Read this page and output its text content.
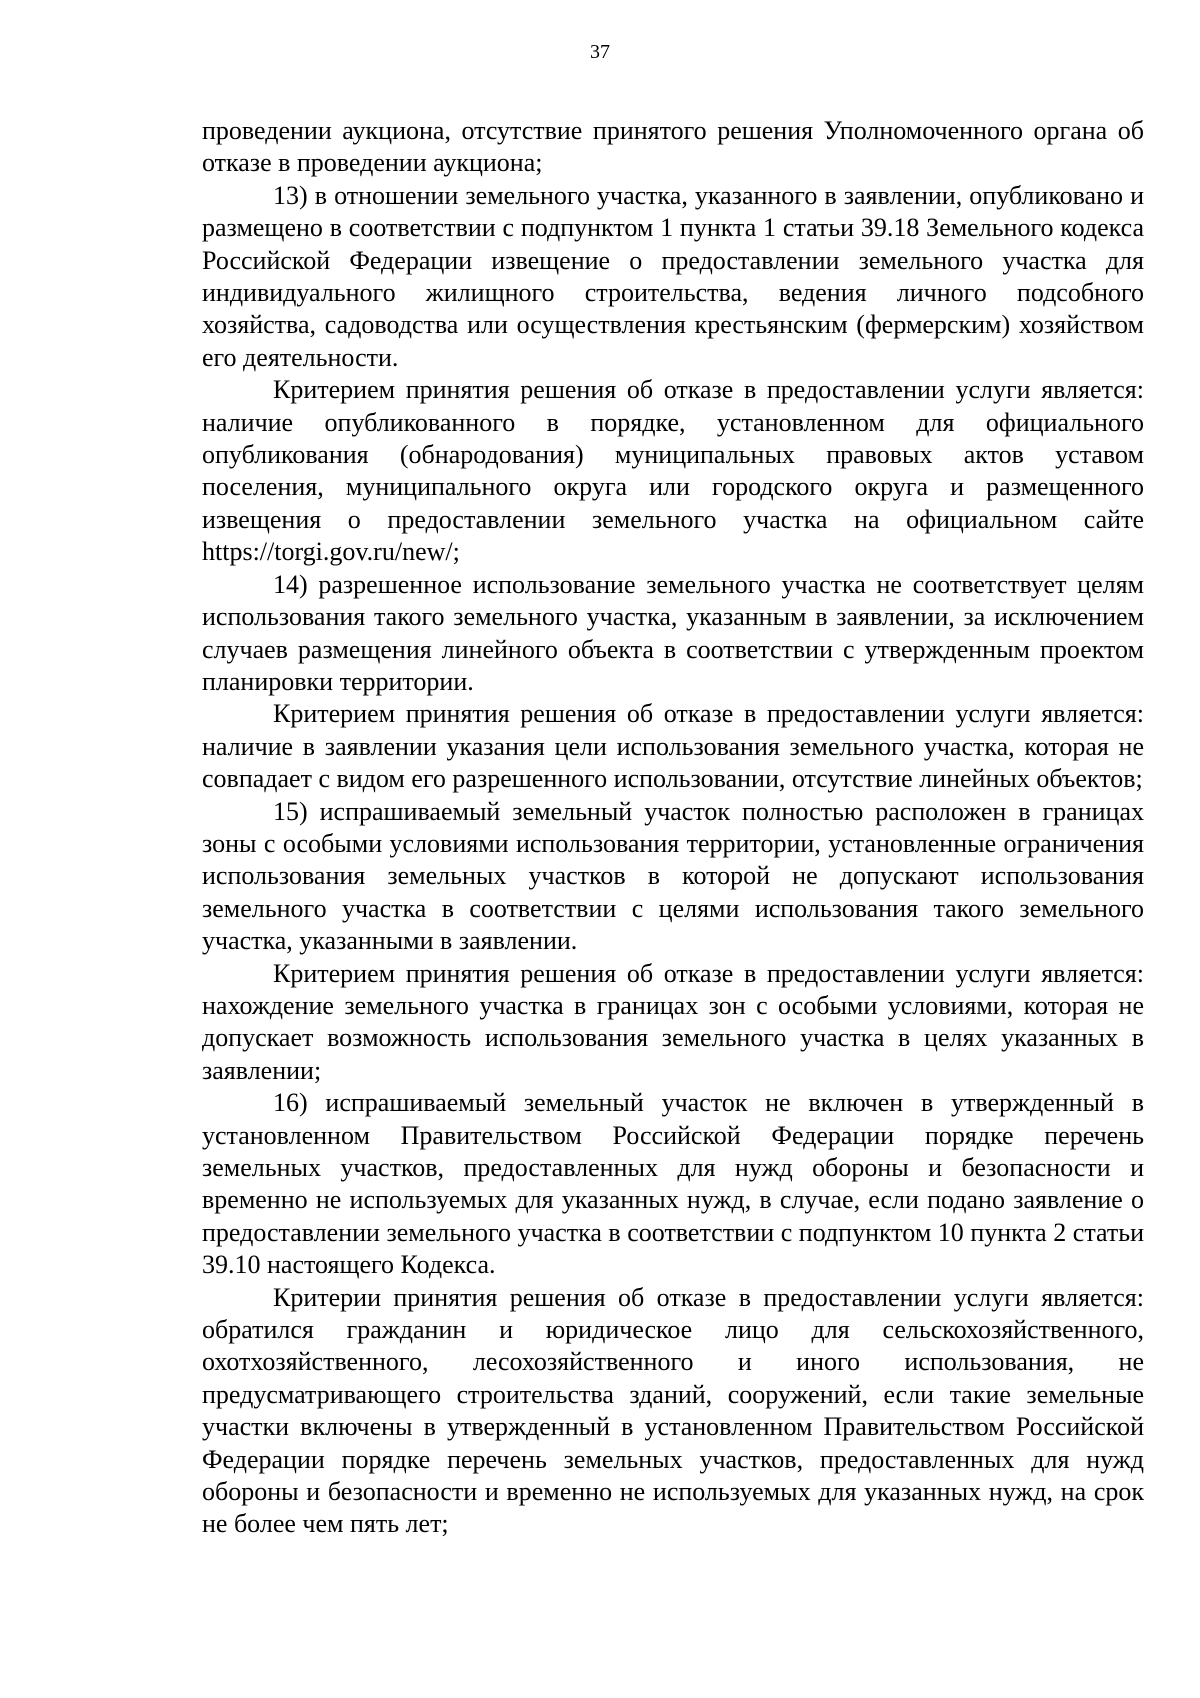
37

проведении аукциона, отсутствие принятого решения Уполномоченного органа об отказе в проведении аукциона;

13) в отношении земельного участка, указанного в заявлении, опубликовано и размещено в соответствии с подпунктом 1 пункта 1 статьи 39.18 Земельного кодекса Российской Федерации извещение о предоставлении земельного участка для индивидуального жилищного строительства, ведения личного подсобного хозяйства, садоводства или осуществления крестьянским (фермерским) хозяйством его деятельности.

Критерием принятия решения об отказе в предоставлении услуги является: наличие опубликованного в порядке, установленном для официального опубликования (обнародования) муниципальных правовых актов уставом поселения, муниципального округа или городского округа и размещенного извещения о предоставлении земельного участка на официальном сайте https://torgi.gov.ru/new/;

14) разрешенное использование земельного участка не соответствует целям использования такого земельного участка, указанным в заявлении, за исключением случаев размещения линейного объекта в соответствии с утвержденным проектом планировки территории.

Критерием принятия решения об отказе в предоставлении услуги является: наличие в заявлении указания цели использования земельного участка, которая не совпадает с видом его разрешенного использовании, отсутствие линейных объектов;

15) испрашиваемый земельный участок полностью расположен в границах зоны с особыми условиями использования территории, установленные ограничения использования земельных участков в которой не допускают использования земельного участка в соответствии с целями использования такого земельного участка, указанными в заявлении.

Критерием принятия решения об отказе в предоставлении услуги является: нахождение земельного участка в границах зон с особыми условиями, которая не допускает возможность использования земельного участка в целях указанных в заявлении;

16) испрашиваемый земельный участок не включен в утвержденный в установленном Правительством Российской Федерации порядке перечень земельных участков, предоставленных для нужд обороны и безопасности и временно не используемых для указанных нужд, в случае, если подано заявление о предоставлении земельного участка в соответствии с подпунктом 10 пункта 2 статьи 39.10 настоящего Кодекса.

Критерии принятия решения об отказе в предоставлении услуги является: обратился гражданин и юридическое лицо для сельскохозяйственного, охотхозяйственного, лесохозяйственного и иного использования, не предусматривающего строительства зданий, сооружений, если такие земельные участки включены в утвержденный в установленном Правительством Российской Федерации порядке перечень земельных участков, предоставленных для нужд обороны и безопасности и временно не используемых для указанных нужд, на срок не более чем пять лет;
